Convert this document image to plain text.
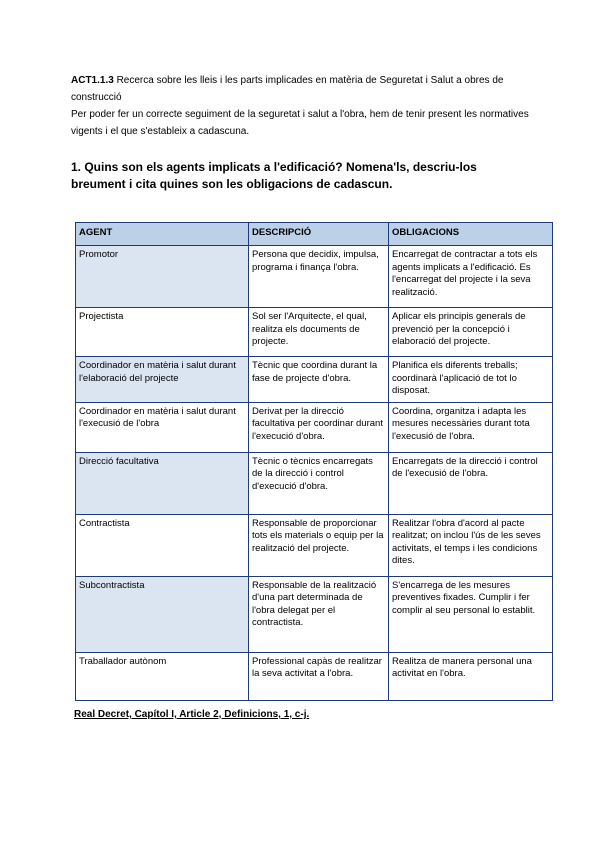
ACT1.1.3 Recerca sobre les lleis i les parts implicades en matèria de Seguretat i Salut a obres de construcció
Per poder fer un correcte seguiment de la seguretat i salut a l'obra, hem de tenir present les normatives vigents i el que s'estableix a cadascuna.
1. Quins son els agents implicats a l'edificació? Nomena'ls, descriu-los breument i cita quines son les obligacions de cadascun.
AGENT	DESCRIPCIÓ	OBLIGACIONS
Promotor	Persona que decidix, impulsa, programa i finança l'obra.	Encarregat de contractar a tots els agents implicats a l'edificació. Es l'encarregat del projecte i la seva realització.
Projectista	Sol ser l'Arquitecte, el qual, realitza els documents de projecte.	Aplicar els principis generals de prevenció per la concepció i elaboració del projecte.
Coordinador en matèria i salut durant l'elaboració del projecte	Tècnic que coordina durant la fase de projecte d'obra.	Planifica els diferents treballs; coordinarà l'aplicació de tot lo disposat.
Coordinador en matèria i salut durant l'execusió de l'obra	Derivat per la direcció facultativa per coordinar durant l'execució d'obra.	Coordina, organitza i adapta les mesures necessàries durant tota l'execusió de l'obra.
Direcció facultativa	Tècnic o tècnics encarregats de la direcció i control d'execució d'obra.	Encarregats de la direcció i control de l'execusió de l'obra.
Contractista	Responsable de proporcionar tots els materials o equip per la realització del projecte.	Realitzar l'obra d'acord al pacte realitzat; on inclou l'ús de les seves activitats, el temps i les condicions dites.
Subcontractista	Responsable de la realització d'una part determinada de l'obra delegat per el contractista.	S'encarrega de les mesures preventives fixades. Cumplir i fer complir al seu personal lo establit.
Traballador autònom	Professional capàs de realitzar la seva activitat a l'obra.	Realitza de manera personal una activitat en l'obra.
Real Decret, Capítol I, Article 2, Definicions, 1, c-j.
